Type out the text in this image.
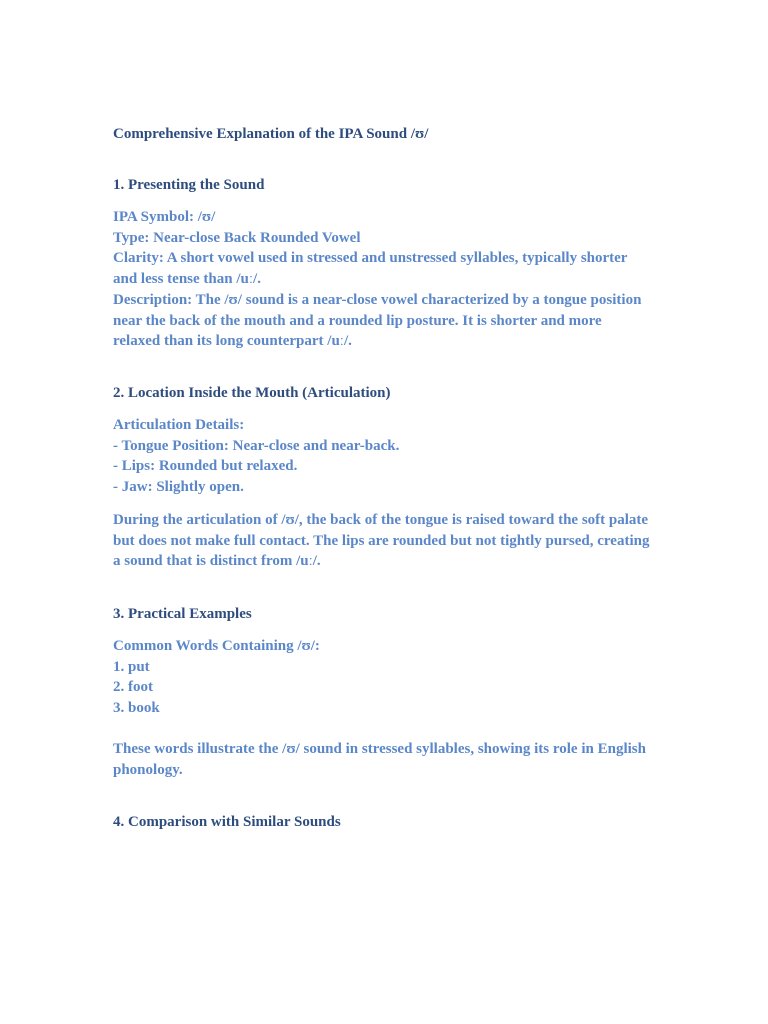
Comprehensive Explanation of the IPA Sound /ʊ/
1. Presenting the Sound
IPA Symbol: /ʊ/
Type: Near-close Back Rounded Vowel
Clarity: A short vowel used in stressed and unstressed syllables, typically shorter
and less tense than /uː/.
Description: The /ʊ/ sound is a near-close vowel characterized by a tongue position
near the back of the mouth and a rounded lip posture. It is shorter and more
relaxed than its long counterpart /uː/.
2. Location Inside the Mouth (Articulation)
Articulation Details:
- Tongue Position: Near-close and near-back.
- Lips: Rounded but relaxed.
- Jaw: Slightly open.
During the articulation of /ʊ/, the back of the tongue is raised toward the soft palate
but does not make full contact. The lips are rounded but not tightly pursed, creating
a sound that is distinct from /uː/.
3. Practical Examples
Common Words Containing /ʊ/:
1. put
2. foot
3. book
These words illustrate the /ʊ/ sound in stressed syllables, showing its role in English
phonology.
4. Comparison with Similar Sounds
